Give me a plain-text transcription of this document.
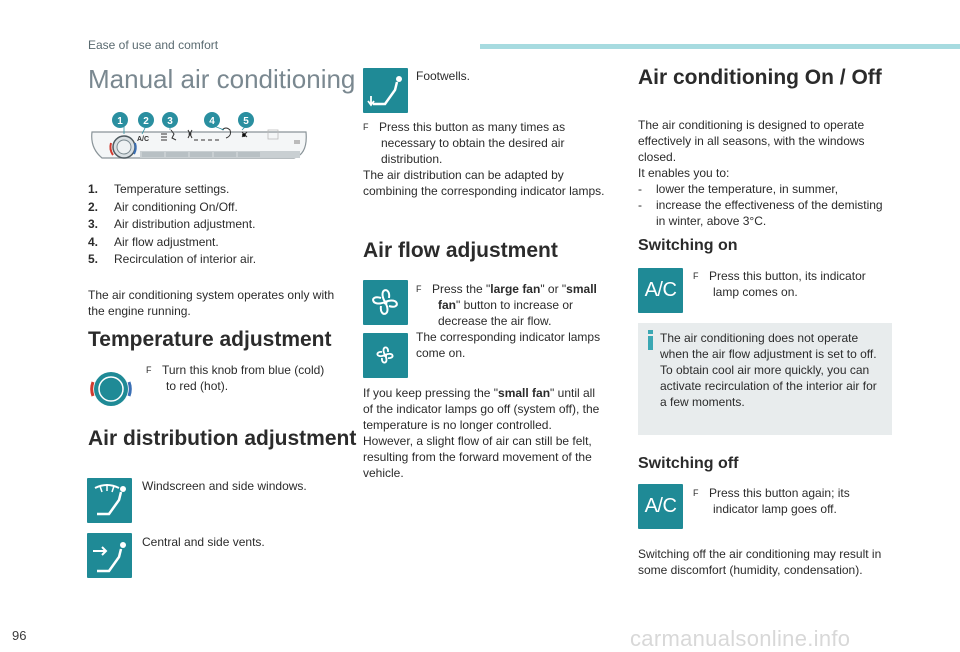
Ease of use and comfort
Manual air conditioning
A/C
1 2 3	4	5
1. Temperature settings.
2. Air conditioning On/Off.
3. Air distribution adjustment.
4. Air flow adjustment.
5. Recirculation of interior air.
The air conditioning system operates only with
the engine running.
Temperature adjustment
F Turn this knob from blue (cold)
to red (hot).
Air distribution adjustment
Windscreen and side windows.
Central and side vents.
Footwells.
F Press this button as many times as
necessary to obtain the desired air
distribution.
The air distribution can be adapted by
combining the corresponding indicator lamps.
Air flow adjustment
F Press the "large fan" or "small
fan" button to increase or
decrease the air flow.
The corresponding indicator lamps
come on.
If you keep pressing the "small fan" until all
of the indicator lamps go off (system off), the
temperature is no longer controlled.
However, a slight flow of air can still be felt,
resulting from the forward movement of the
vehicle.
Air conditioning On / Off
The air conditioning is designed to operate
effectively in all seasons, with the windows
closed.
It enables you to:
- lower the temperature, in summer,
- increase the effectiveness of the demisting
in winter, above 3°C.
Switching on
A/C
F Press this button, its indicator
lamp comes on.
The air conditioning does not operate
when the air flow adjustment is set to off.
To obtain cool air more quickly, you can
activate recirculation of the interior air for
a few moments.
Switching off
A/C
F Press this button again; its
indicator lamp goes off.
Switching off the air conditioning may result in
some discomfort (humidity, condensation).
96	carmanualsonline.info
